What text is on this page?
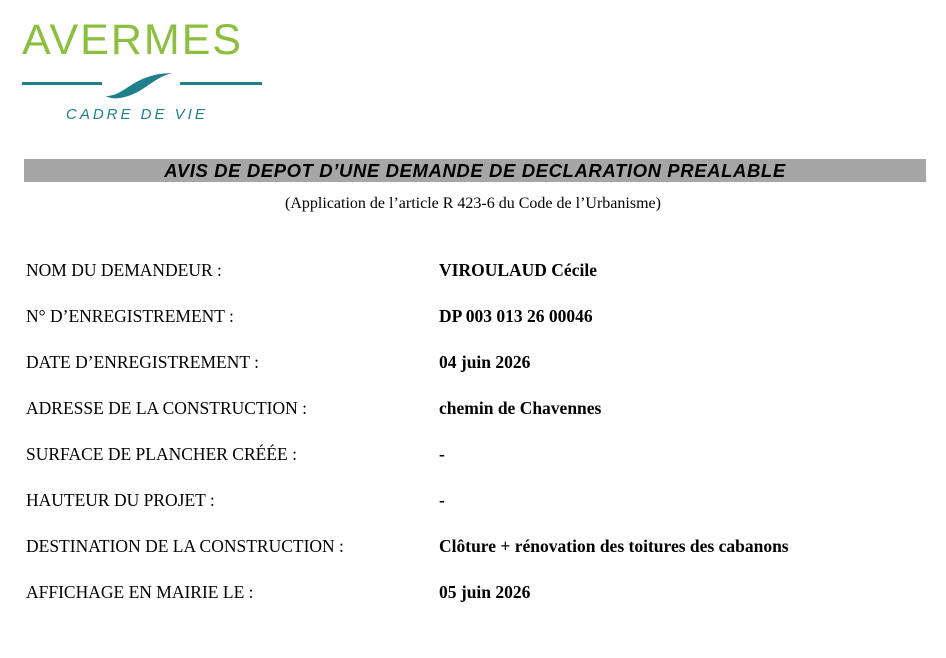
AVERMES
CADRE DE VIE
AVIS DE DEPOT D’UNE DEMANDE DE DECLARATION PREALABLE
(Application de l’article R 423-6 du Code de l’Urbanisme)
NOM DU DEMANDEUR :	VIROULAUD Cécile
N° D’ENREGISTREMENT :	DP 003 013 26 00046
DATE D’ENREGISTREMENT :	04 juin 2026
ADRESSE DE LA CONSTRUCTION :	chemin de Chavennes
SURFACE DE PLANCHER CRÉÉE :	-
HAUTEUR DU PROJET :	-
DESTINATION DE LA CONSTRUCTION :	Clôture + rénovation des toitures des cabanons
AFFICHAGE EN MAIRIE LE :	05 juin 2026
